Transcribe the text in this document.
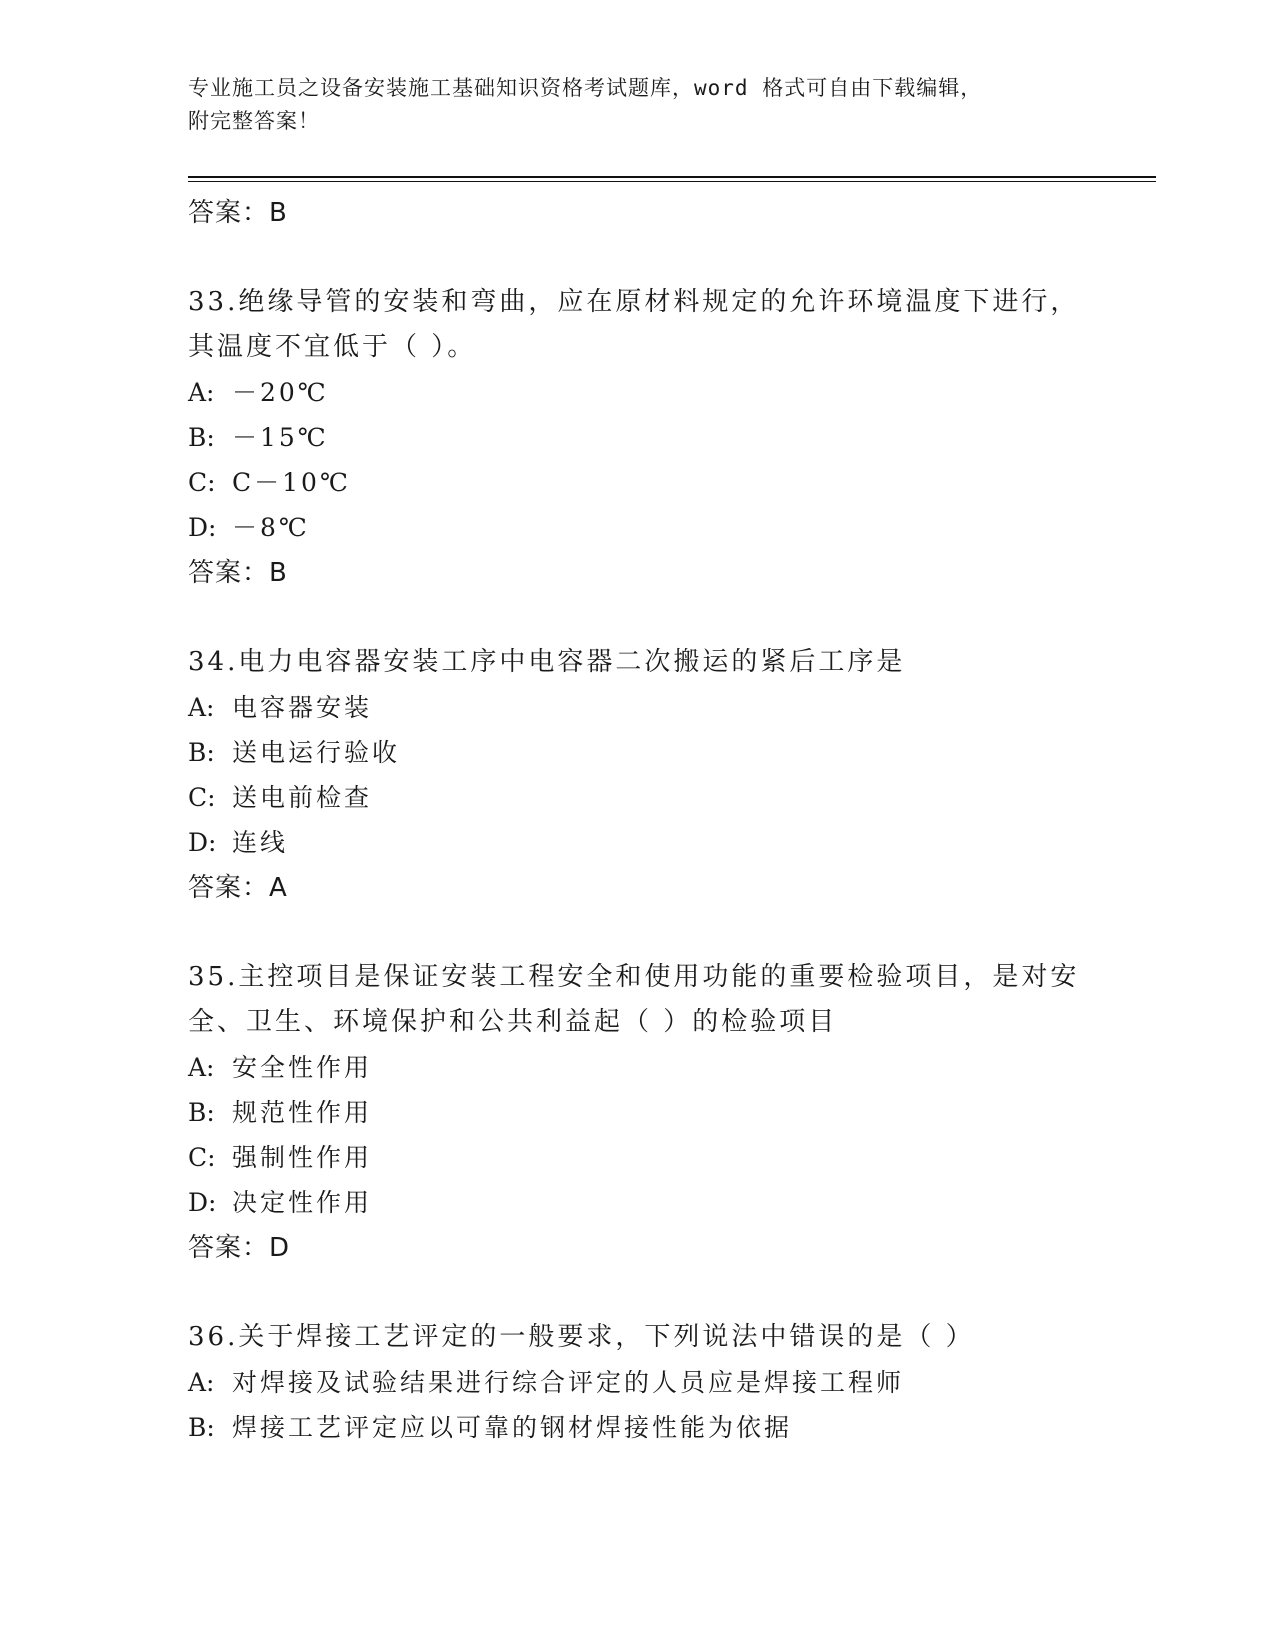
专业施工员之设备安装施工基础知识资格考试题库，word 格式可自由下载编辑，
附完整答案！
答案：B
33.绝缘导管的安装和弯曲，应在原材料规定的允许环境温度下进行，其温度不宜低于（ ）。
A: －20℃
B: －15℃
C: C－10℃
D: －8℃
答案：B
34.电力电容器安装工序中电容器二次搬运的紧后工序是
A: 电容器安装
B: 送电运行验收
C: 送电前检查
D: 连线
答案：A
35.主控项目是保证安装工程安全和使用功能的重要检验项目，是对安全、卫生、环境保护和公共利益起（ ）的检验项目
A: 安全性作用
B: 规范性作用
C: 强制性作用
D: 决定性作用
答案：D
36.关于焊接工艺评定的一般要求，下列说法中错误的是（ ）
A: 对焊接及试验结果进行综合评定的人员应是焊接工程师
B: 焊接工艺评定应以可靠的钢材焊接性能为依据
